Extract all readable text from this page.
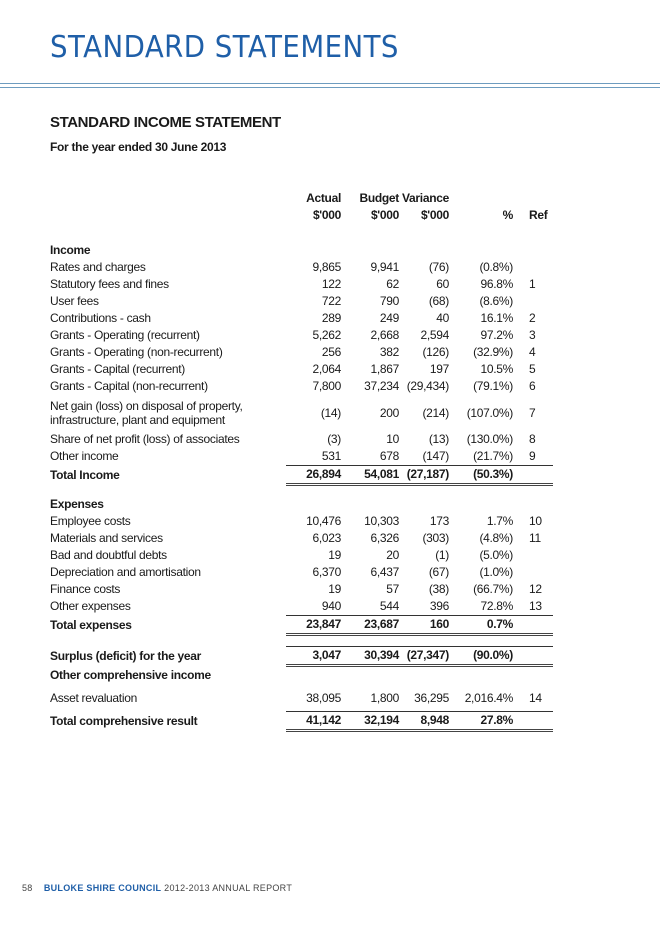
STANDARD STATEMENTS
STANDARD INCOME STATEMENT
For the year ended 30 June 2013
	Actual	Budget	Variance		
	$'000	$'000	$'000	%	Ref

Income					
Rates and charges	9,865	9,941	(76)	(0.8%)	
Statutory fees and fines	122	62	60	96.8%	1
User fees	722	790	(68)	(8.6%)	
Contributions - cash	289	249	40	16.1%	2
Grants - Operating (recurrent)	5,262	2,668	2,594	97.2%	3
Grants - Operating (non-recurrent)	256	382	(126)	(32.9%)	4
Grants - Capital (recurrent)	2,064	1,867	197	10.5%	5
Grants - Capital (non-recurrent)	7,800	37,234	(29,434)	(79.1%)	6
Net gain (loss) on disposal of property, infrastructure, plant and equipment	(14)	200	(214)	(107.0%)	7
Share of net profit (loss) of associates	(3)	10	(13)	(130.0%)	8
Other income	531	678	(147)	(21.7%)	9
Total Income	26,894	54,081	(27,187)	(50.3%)	

Expenses					
Employee costs	10,476	10,303	173	1.7%	10
Materials and services	6,023	6,326	(303)	(4.8%)	11
Bad and doubtful debts	19	20	(1)	(5.0%)	
Depreciation and amortisation	6,370	6,437	(67)	(1.0%)	
Finance costs	19	57	(38)	(66.7%)	12
Other expenses	940	544	396	72.8%	13
Total expenses	23,847	23,687	160	0.7%	

Surplus (deficit) for the year	3,047	30,394	(27,347)	(90.0%)	
Other comprehensive income					

Asset revaluation	38,095	1,800	36,295	2,016.4%	14

Total comprehensive result	41,142	32,194	8,948	27.8%	
58 BULOKE SHIRE COUNCIL 2012-2013 ANNUAL REPORT
